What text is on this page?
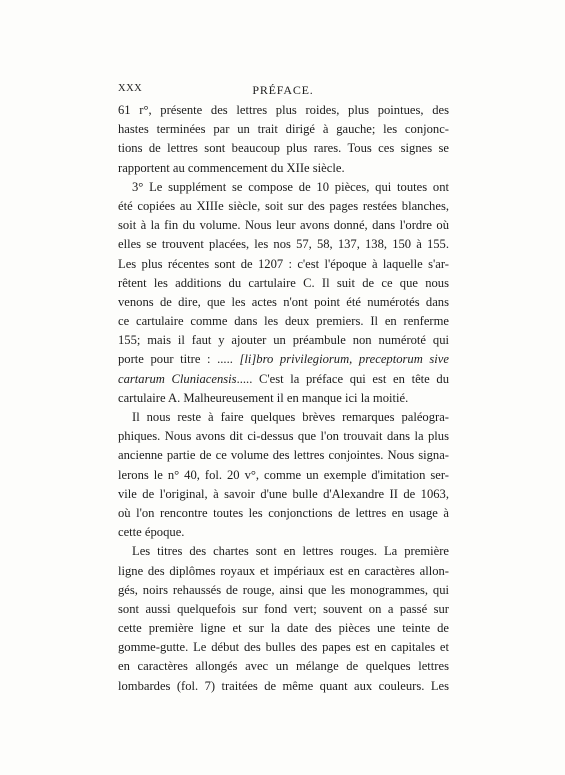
XXX	PRÉFACE.
61 r°, présente des lettres plus roides, plus pointues, des
hastes terminées par un trait dirigé à gauche; les conjonc-
tions de lettres sont beaucoup plus rares. Tous ces signes se
rapportent au commencement du XIIe siècle.
3° Le supplément se compose de 10 pièces, qui toutes ont
été copiées au XIIIe siècle, soit sur des pages restées blanches,
soit à la fin du volume. Nous leur avons donné, dans l'ordre où
elles se trouvent placées, les nos 57, 58, 137, 138, 150 à 155.
Les plus récentes sont de 1207 : c'est l'époque à laquelle s'ar-
rêtent les additions du cartulaire C. Il suit de ce que nous
venons de dire, que les actes n'ont point été numérotés dans
ce cartulaire comme dans les deux premiers. Il en renferme
155; mais il faut y ajouter un préambule non numéroté qui
porte pour titre : ..... [li]bro privilegiorum, preceptorum sive
cartarum Cluniacensis..... C'est la préface qui est en tête du
cartulaire A. Malheureusement il en manque ici la moitié.
Il nous reste à faire quelques brèves remarques paléogra-
phiques. Nous avons dit ci-dessus que l'on trouvait dans la plus
ancienne partie de ce volume des lettres conjointes. Nous signa-
lerons le n° 40, fol. 20 v°, comme un exemple d'imitation ser-
vile de l'original, à savoir d'une bulle d'Alexandre II de 1063,
où l'on rencontre toutes les conjonctions de lettres en usage à
cette époque.
Les titres des chartes sont en lettres rouges. La première
ligne des diplômes royaux et impériaux est en caractères allon-
gés, noirs rehaussés de rouge, ainsi que les monogrammes, qui
sont aussi quelquefois sur fond vert; souvent on a passé sur
cette première ligne et sur la date des pièces une teinte de
gomme-gutte. Le début des bulles des papes est en capitales et
en caractères allongés avec un mélange de quelques lettres
lombardes (fol. 7) traitées de même quant aux couleurs. Les
